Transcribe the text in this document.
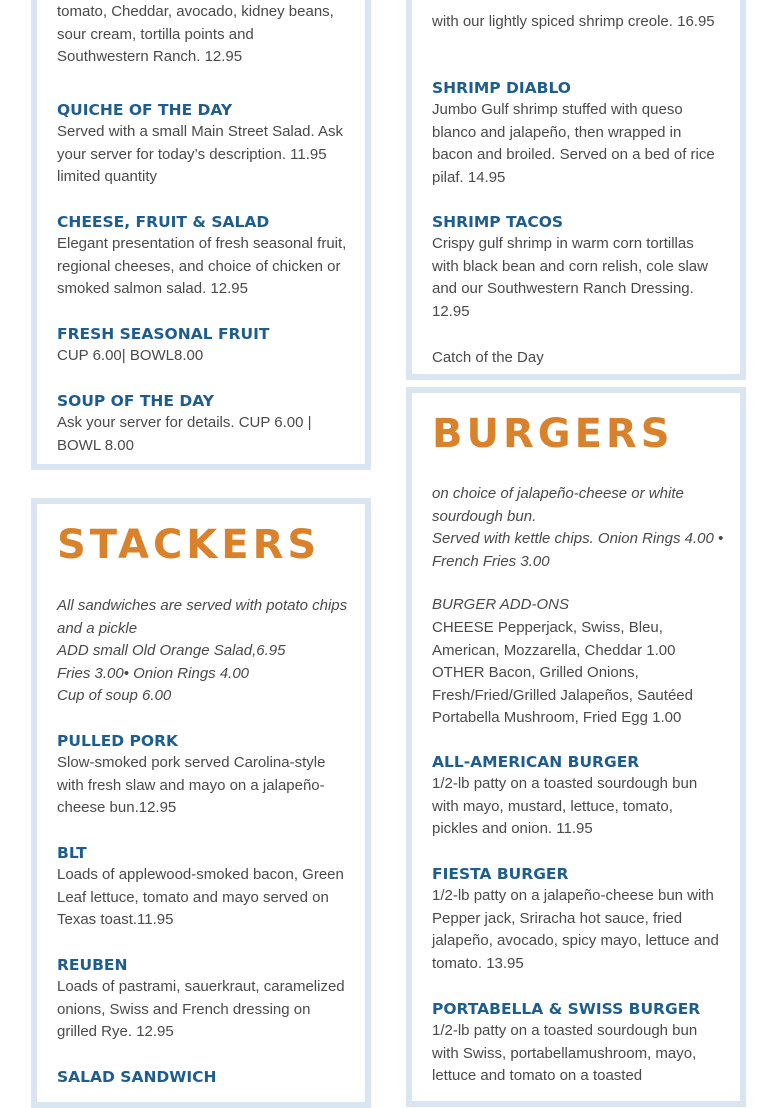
tomato, Cheddar, avocado, kidney beans, sour cream, tortilla points and Southwestern Ranch. 12.95

QUICHE OF THE DAY

Served with a small Main Street Salad. Ask your server for today’s description. 11.95 limited quantity

CHEESE, FRUIT & SALAD

Elegant presentation of fresh seasonal fruit, regional cheeses, and choice of chicken or smoked salmon salad. 12.95

FRESH SEASONAL FRUIT

CUP 6.00| BOWL8.00

SOUP OF THE DAY

Ask your server for details. CUP 6.00 | BOWL 8.00

STACKERS

All sandwiches are served with potato chips and a pickle

ADD small Old Orange Salad,6.95

Fries 3.00• Onion Rings 4.00

Cup of soup 6.00

PULLED PORK

Slow-smoked pork served Carolina-style with fresh slaw and mayo on a jalapeño-cheese bun.12.95

BLT

Loads of applewood-smoked bacon, Green Leaf lettuce, tomato and mayo served on Texas toast.11.95

REUBEN

Loads of pastrami, sauerkraut, caramelized onions, Swiss and French dressing on grilled Rye. 12.95

SALAD SANDWICH

with our lightly spiced shrimp creole. 16.95

SHRIMP DIABLO

Jumbo Gulf shrimp stuffed with queso blanco and jalapeño, then wrapped in bacon and broiled. Served on a bed of rice pilaf. 14.95

SHRIMP TACOS

Crispy gulf shrimp in warm corn tortillas with black bean and corn relish, cole slaw and our Southwestern Ranch Dressing. 12.95

Catch of the Day

BURGERS

on choice of jalapeño-cheese or white sourdough bun.

Served with kettle chips. Onion Rings 4.00 • French Fries 3.00

BURGER ADD-ONS

CHEESE Pepperjack, Swiss, Bleu, American, Mozzarella, Cheddar 1.00

OTHER Bacon, Grilled Onions, Fresh/Fried/Grilled Jalapeños, Sautéed Portabella Mushroom, Fried Egg 1.00

ALL-AMERICAN BURGER

1/2-lb patty on a toasted sourdough bun with mayo, mustard, lettuce, tomato, pickles and onion. 11.95

FIESTA BURGER

1/2-lb patty on a jalapeño-cheese bun with Pepper jack, Sriracha hot sauce, fried jalapeño, avocado, spicy mayo, lettuce and tomato. 13.95

PORTABELLA & SWISS BURGER

1/2-lb patty on a toasted sourdough bun with Swiss, portabellamushroom, mayo, lettuce and tomato on a toasted
